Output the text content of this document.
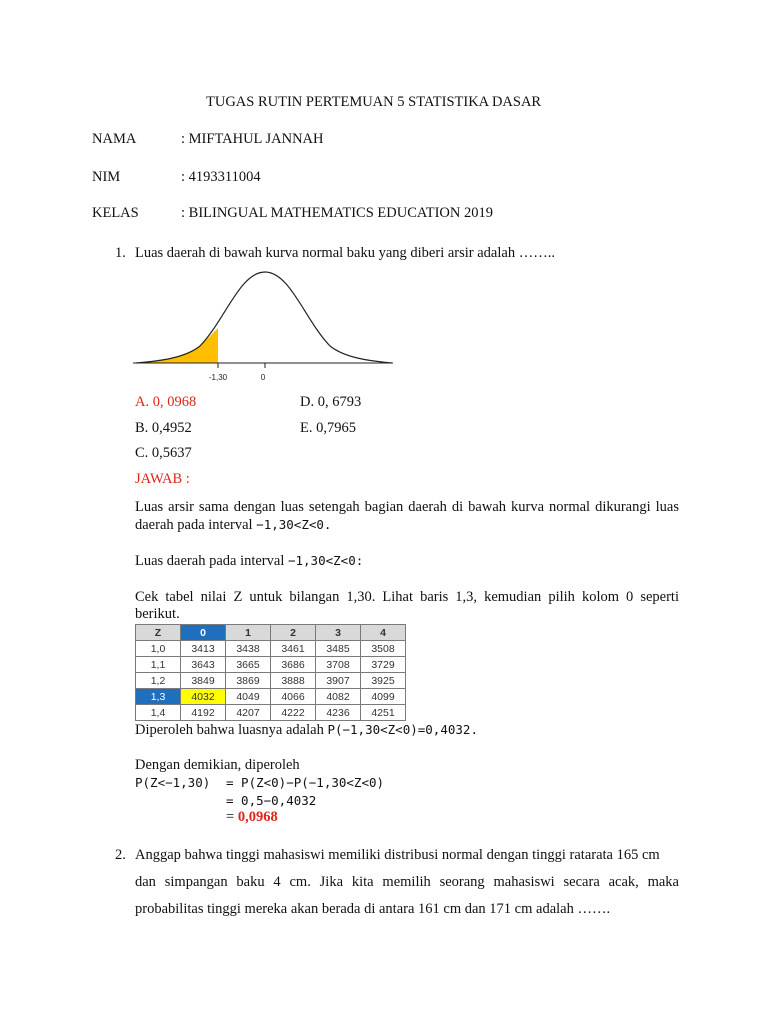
TUGAS RUTIN PERTEMUAN 5 STATISTIKA DASAR
NAMA	: MIFTAHUL JANNAH
NIM	: 4193311004
KELAS	: BILINGUAL MATHEMATICS EDUCATION 2019
1. Luas daerah di bawah kurva normal baku yang diberi arsir adalah ……..
-1,30	0
A. 0, 0968	D. 0, 6793
B. 0,4952	E. 0,7965
C. 0,5637
JAWAB :
Luas arsir sama dengan luas setengah bagian daerah di bawah kurva normal dikurangi luas daerah pada interval −1,30<Z<0.
Luas daerah pada interval −1,30<Z<0:
Cek tabel nilai Z untuk bilangan 1,30. Lihat baris 1,3, kemudian pilih kolom 0 seperti berikut.
Z	0	1	2	3	4
1,0	3413	3438	3461	3485	3508
1,1	3643	3665	3686	3708	3729
1,2	3849	3869	3888	3907	3925
1,3	4032	4049	4066	4082	4099
1,4	4192	4207	4222	4236	4251
Diperoleh bahwa luasnya adalah P(−1,30<Z<0)=0,4032.
Dengan demikian, diperoleh
P(Z<−1,30) = P(Z<0)−P(−1,30<Z<0)
= 0,5−0,4032
= 0,0968
2. Anggap bahwa tinggi mahasiswi memiliki distribusi normal dengan tinggi ratarata 165 cm
dan simpangan baku 4 cm. Jika kita memilih seorang mahasiswi secara acak, maka
probabilitas tinggi mereka akan berada di antara 161 cm dan 171 cm adalah …….
